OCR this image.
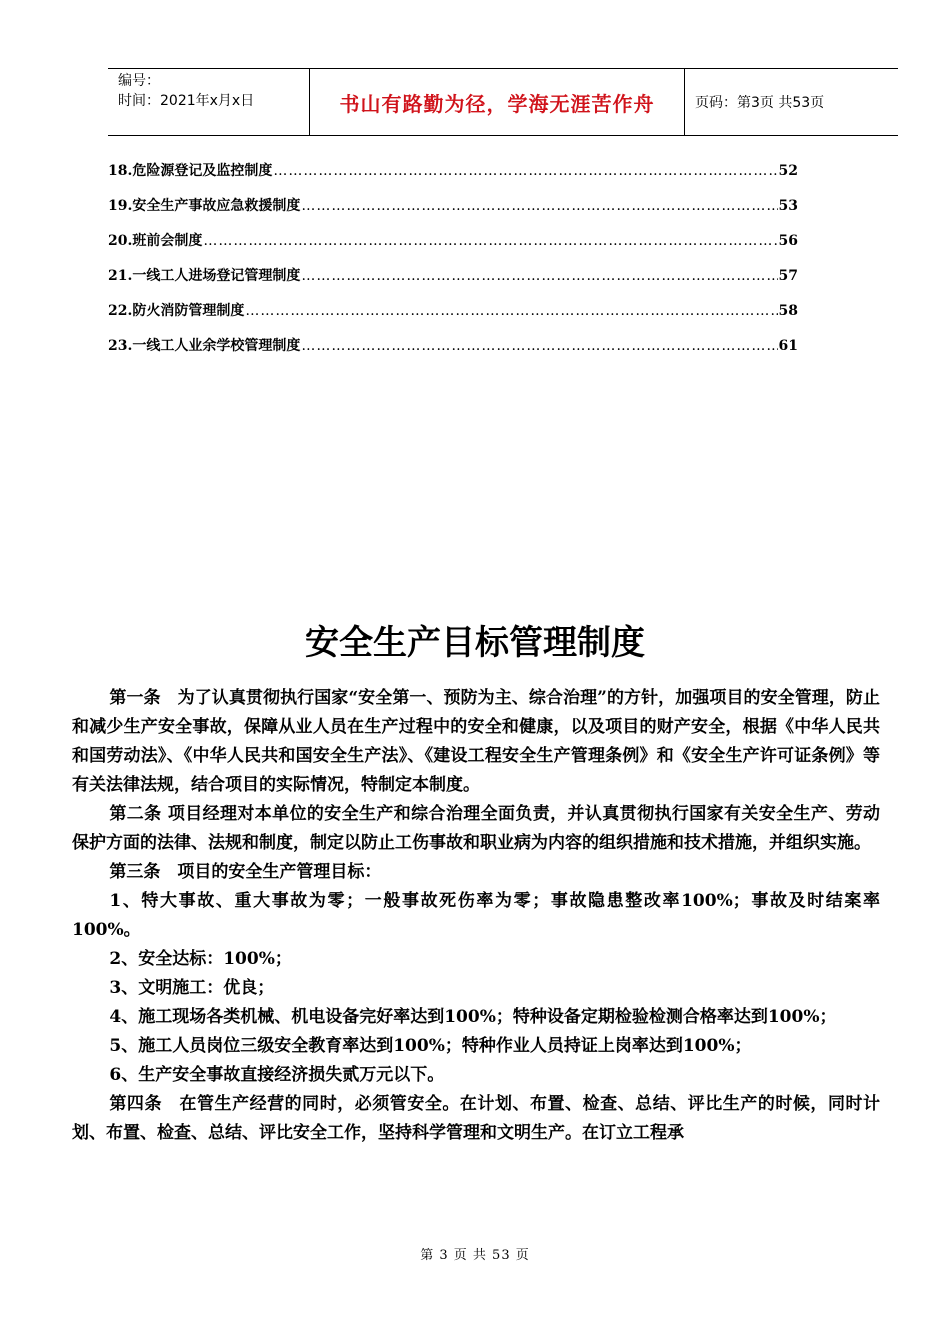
编号：
时间：2021年x月x日	书山有路勤为径，学海无涯苦作舟	页码：第3页 共53页
18.危险源登记及监控制度 ……………………………………………………………………………………………………………………………………………………	52
19.安全生产事故应急救援制度 ……………………………………………………………………………………………………………………………………………………	53
20.班前会制度 ……………………………………………………………………………………………………………………………………………………	56
21.一线工人进场登记管理制度 ……………………………………………………………………………………………………………………………………………………	57
22.防火消防管理制度 ……………………………………………………………………………………………………………………………………………………	58
23.一线工人业余学校管理制度 ……………………………………………………………………………………………………………………………………………………	61
安全生产目标管理制度

第一条　为了认真贯彻执行国家“安全第一、预防为主、综合治理”的方针，加强项目的安全管理，防止和减少生产安全事故，保障从业人员在生产过程中的安全和健康，以及项目的财产安全，根据《中华人民共和国劳动法》、《中华人民共和国安全生产法》、《建设工程安全生产管理条例》和《安全生产许可证条例》等有关法律法规，结合项目的实际情况，特制定本制度。

第二条 项目经理对本单位的安全生产和综合治理全面负责，并认真贯彻执行国家有关安全生产、劳动保护方面的法律、法规和制度，制定以防止工伤事故和职业病为内容的组织措施和技术措施，并组织实施。

第三条　项目的安全生产管理目标：

1、特大事故、重大事故为零；一般事故死伤率为零；事故隐患整改率100%；事故及时结案率100%。

2、安全达标：100%；

3、文明施工：优良；

4、施工现场各类机械、机电设备完好率达到100%；特种设备定期检验检测合格率达到100%；

5、施工人员岗位三级安全教育率达到100%；特种作业人员持证上岗率达到100%；

6、生产安全事故直接经济损失贰万元以下。

第四条　在管生产经营的同时，必须管安全。在计划、布置、检查、总结、评比生产的时候，同时计划、布置、检查、总结、评比安全工作，坚持科学管理和文明生产。在订立工程承

第 3 页 共 53 页
